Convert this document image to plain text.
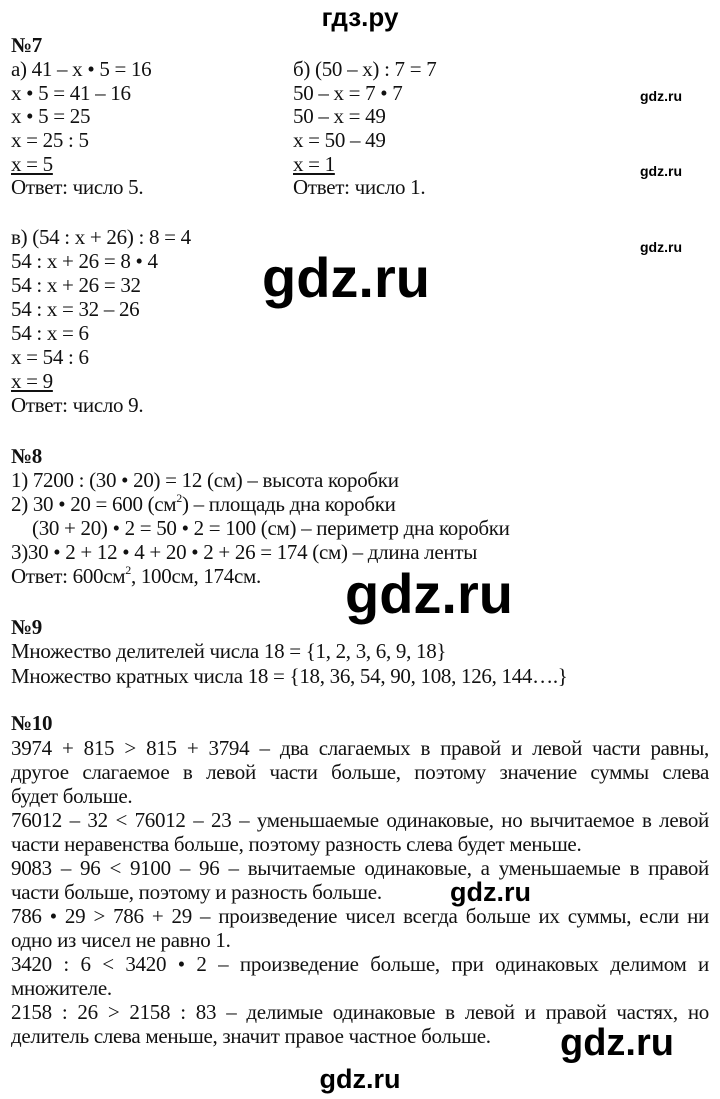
гдз.ру
№7
а) 41 – x • 5 = 16
x • 5 = 41 – 16
x • 5 = 25
x = 25 : 5
x = 5
Ответ: число 5.
б) (50 – x) : 7 = 7
50 – x = 7 • 7
50 – x = 49
x = 50 – 49
x = 1
Ответ: число 1.
в) (54 : x + 26) : 8 = 4
54 : x + 26 = 8 • 4
54 : x + 26 = 32
54 : x = 32 – 26
54 : x = 6
x = 54 : 6
x = 9
Ответ: число 9.
№8
1) 7200 : (30 • 20) = 12 (см) – высота коробки
2) 30 • 20 = 600 $(см^2)$ – площадь дна коробки
(30 + 20) • 2 = 50 • 2 = 100 (см) – периметр дна коробки
3)30 • 2 + 12 • 4 + 20 • 2 + 26 = 174 (см) – длина ленты
Ответ: $600см^2$, 100см, 174см.
№9
Множество делителей числа 18 = {1, 2, 3, 6, 9, 18}
Множество кратных числа 18 = {18, 36, 54, 90, 108, 126, 144….}
№10
3974 + 815 > 815 + 3794 – два слагаемых в правой и левой части равны,
другое слагаемое в левой части больше, поэтому значение суммы слева
будет больше.
76012 – 32 < 76012 – 23 – уменьшаемые одинаковые, но вычитаемое в левой
части неравенства больше, поэтому разность слева будет меньше.
9083 – 96 < 9100 – 96 – вычитаемые одинаковые, а уменьшаемые в правой
части больше, поэтому и разность больше.
786 • 29 > 786 + 29 – произведение чисел всегда больше их суммы, если ни
одно из чисел не равно 1.
3420 : 6 < 3420 • 2 – произведение больше, при одинаковых делимом и
множителе.
2158 : 26 > 2158 : 83 – делимые одинаковые в левой и правой частях, но
делитель слева меньше, значит правое частное больше.
gdz.ru
gdz.ru
gdz.ru
gdz.ru
gdz.ru
gdz.ru
gdz.ru
gdz.ru
